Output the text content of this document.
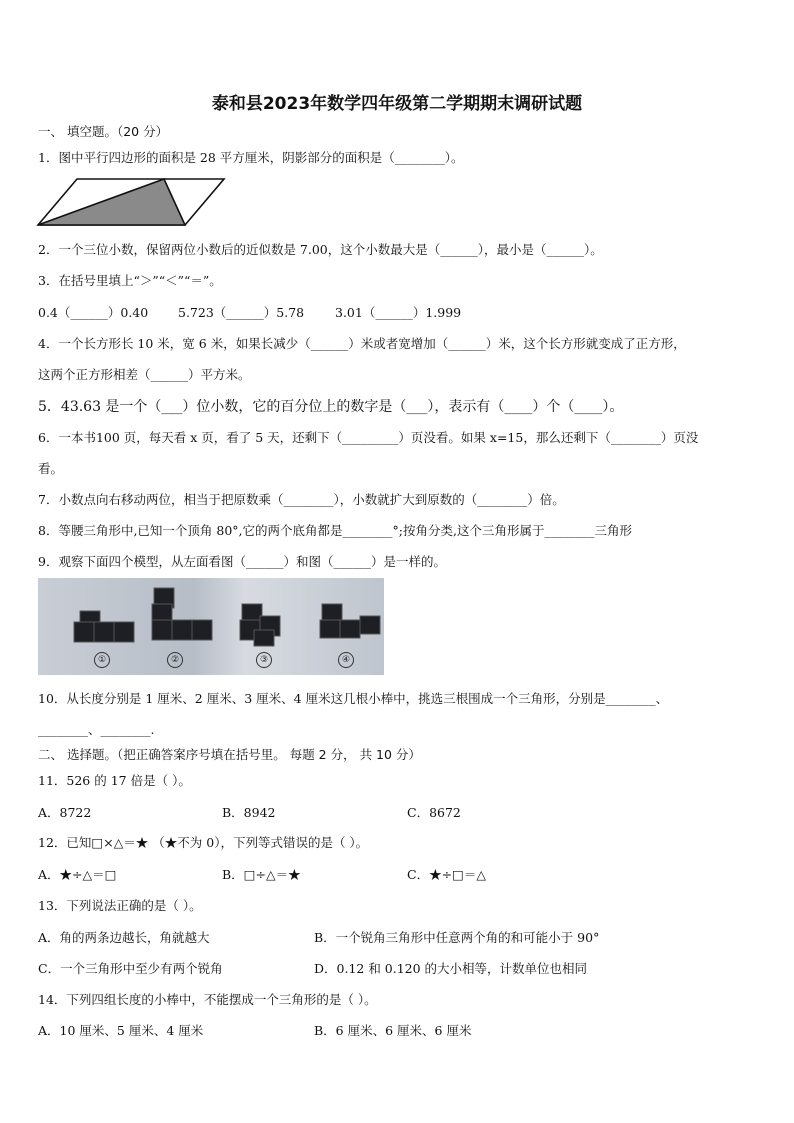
泰和县2023年数学四年级第二学期期末调研试题
一、 填空题。（20 分）
1．图中平行四边形的面积是 28 平方厘米，阴影部分的面积是（________）。
2．一个三位小数，保留两位小数后的近似数是 7.00，这个小数最大是（______），最小是（______）。
3．在括号里填上“＞”“＜”“＝”。
0.4（______）0.40 5.723（______）5.78 3.01（______）1.999
4．一个长方形长 10 米，宽 6 米，如果长减少（______）米或者宽增加（______）米，这个长方形就变成了正方形，
这两个正方形相差（______）平方米。
5．43.63 是一个（___）位小数，它的百分位上的数字是（___），表示有（____）个（____）。
6．一本书100 页，每天看 x 页，看了 5 天，还剩下（_________）页没看。如果 x=15，那么还剩下（________）页没
看。
7．小数点向右移动两位，相当于把原数乘（________），小数就扩大到原数的（________）倍。
8．等腰三角形中,已知一个顶角 80°,它的两个底角都是________°;按角分类,这个三角形属于________三角形
9．观察下面四个模型，从左面看图（______）和图（______）是一样的。
①	②	③	④
10．从长度分别是 1 厘米、2 厘米、3 厘米、4 厘米这几根小棒中，挑选三根围成一个三角形，分别是________、
________、________.
二、 选择题。（把正确答案序号填在括号里。 每题 2 分， 共 10 分）
11．526 的 17 倍是（ ）。
A．8722	B．8942	C．8672
12．已知□×△＝★ （★不为 0），下列等式错误的是（ ）。
A．★÷△＝□	B．□÷△＝★	C．★÷□＝△
13．下列说法正确的是（ ）。
A．角的两条边越长，角就越大	B．一个锐角三角形中任意两个角的和可能小于 90°
C．一个三角形中至少有两个锐角	D．0.12 和 0.120 的大小相等，计数单位也相同
14．下列四组长度的小棒中，不能摆成一个三角形的是（ ）。
A．10 厘米、5 厘米、4 厘米	B．6 厘米、6 厘米、6 厘米
